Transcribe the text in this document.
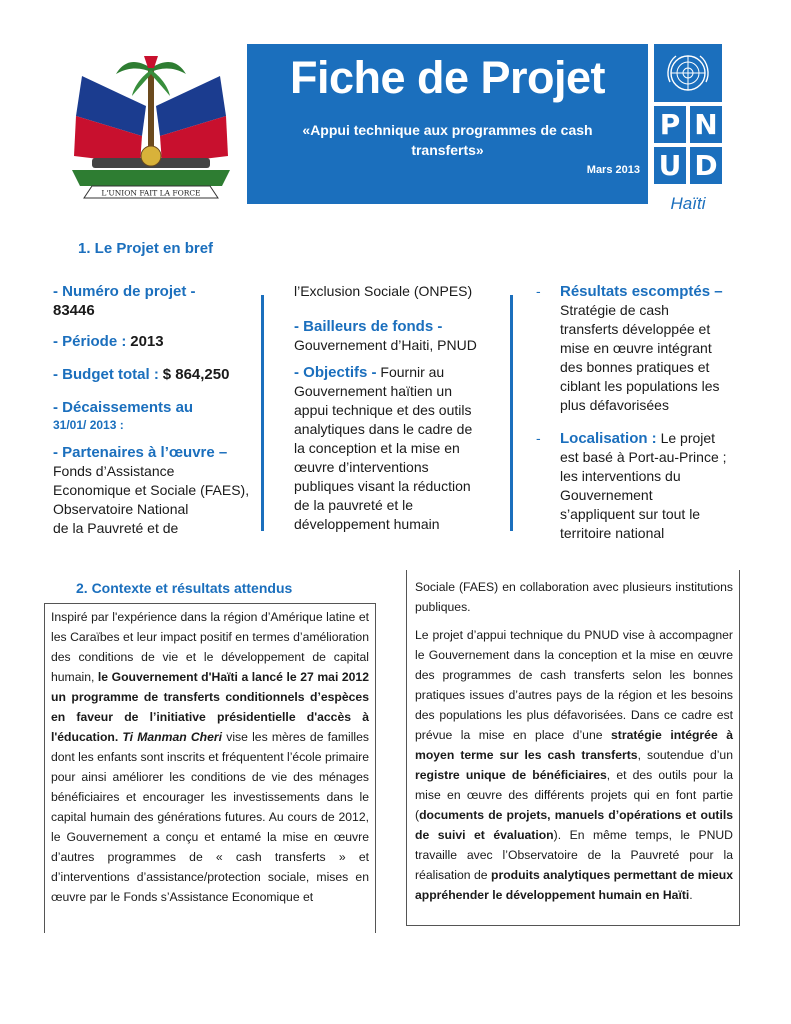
L'UNION FAIT LA FORCE
Fiche de Projet
«Appui technique aux programmes de cash transferts»
Mars 2013
P N
U D
Haïti
1. Le Projet en bref

- Numéro de projet -

83446

- Période : 2013

- Budget total : $ 864,250

- Décaissements au

31/01/ 2013 :

- Partenaires à l’œuvre –

Fonds d’Assistance

Economique et Sociale (FAES),

Observatoire National

de la Pauvreté et de

l’Exclusion Sociale (ONPES)

- Bailleurs de fonds -

Gouvernement d’Haiti, PNUD

- Objectifs - Fournir au

Gouvernement haïtien un

appui technique et des outils

analytiques dans le cadre de

la conception et la mise en

œuvre d’interventions

publiques visant la réduction

de la pauvreté et le

développement humain

- Résultats escomptés –

Stratégie de cash

transferts développée et

mise en œuvre intégrant

des bonnes pratiques et

ciblant les populations les

plus défavorisées

- Localisation : Le projet

est basé à Port-au-Prince ;

les interventions du

Gouvernement

s’appliquent sur tout le

territoire national

2. Contexte et résultats attendus

Inspiré par l'expérience dans la région d’Amérique latine et les Caraïbes et leur impact positif en termes d’amélioration des conditions de vie et le développement de capital humain, le Gouvernement d'Haïti a lancé le 27 mai 2012 un programme de transferts conditionnels d’espèces en faveur de l’initiative présidentielle d'accès à l'éducation. Ti Manman Cheri vise les mères de familles dont les enfants sont inscrits et fréquentent l’école primaire pour ainsi améliorer les conditions de vie des ménages bénéficiaires et encourager les investissements dans le capital humain des générations futures. Au cours de 2012, le Gouvernement a conçu et entamé la mise en œuvre d’autres programmes de « cash transferts » et d’interventions d’assistance/protection sociale, mises en œuvre par le Fonds s’Assistance Economique et

Sociale (FAES) en collaboration avec plusieurs institutions publiques.

Le projet d’appui technique du PNUD vise à accompagner le Gouvernement dans la conception et la mise en œuvre des programmes de cash transferts selon les bonnes pratiques issues d’autres pays de la région et les besoins des populations les plus défavorisées. Dans ce cadre est prévue la mise en place d’une stratégie intégrée à moyen terme sur les cash transferts, soutendue d’un registre unique de bénéficiaires, et des outils pour la mise en œuvre des différents projets qui en font partie (documents de projets, manuels d’opérations et outils de suivi et évaluation). En même temps, le PNUD travaille avec l’Observatoire de la Pauvreté pour la réalisation de produits analytiques permettant de mieux appréhender le développement humain en Haïti.
